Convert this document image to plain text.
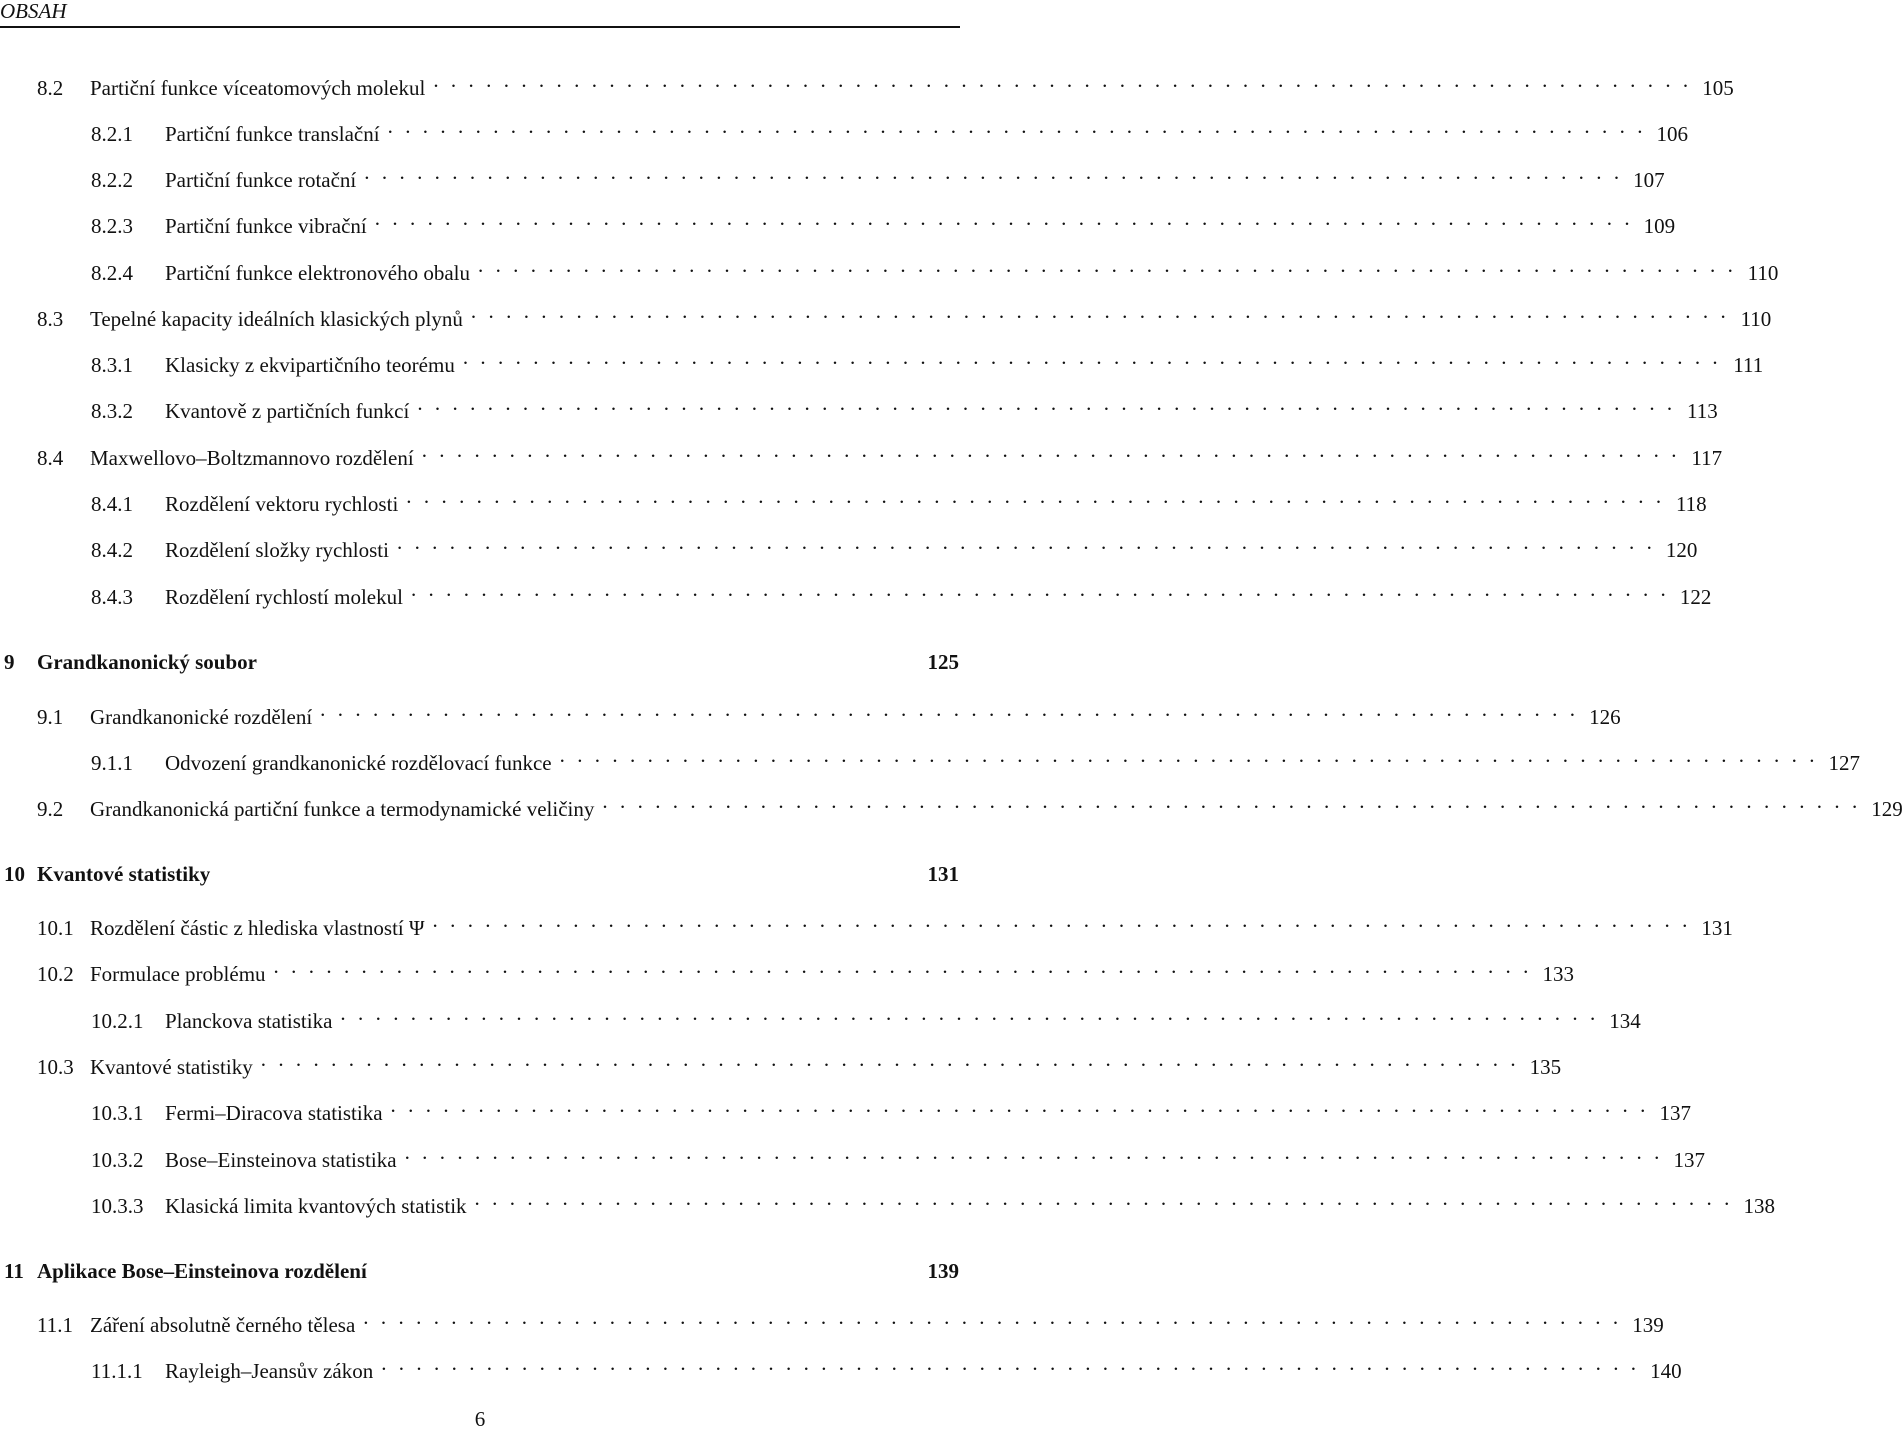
OBSAH
8.2	Partiční funkce víceatomových molekul . . .	105
8.2.1	Partiční funkce translační . . .	106
8.2.2	Partiční funkce rotační . . .	107
8.2.3	Partiční funkce vibrační . . .	109
8.2.4	Partiční funkce elektronového obalu . . .	110
8.3	Tepelné kapacity ideálních klasických plynů . . .	110
8.3.1	Klasicky z ekvipartičního teorému . . .	111
8.3.2	Kvantově z partičních funkcí . . .	113
8.4	Maxwellovo–Boltzmannovo rozdělení . . .	117
8.4.1	Rozdělení vektoru rychlosti . . .	118
8.4.2	Rozdělení složky rychlosti . . .	120
8.4.3	Rozdělení rychlostí molekul . . .	122
9	Grandkanonický soubor	125
9.1	Grandkanonické rozdělení . . .	126
9.1.1	Odvození grandkanonické rozdělovací funkce . . .	127
9.2	Grandkanonická partiční funkce a termodynamické veličiny . . .	129
10 Kvantové statistiky	131
10.1 Rozdělení částic z hlediska vlastností Ψ . . .	131
10.2 Formulace problému . . .	133
10.2.1	Planckova statistika . . .	134
10.3 Kvantové statistiky . . .	135
10.3.1	Fermi–Diracova statistika . . .	137
10.3.2	Bose–Einsteinova statistika . . .	137
10.3.3	Klasická limita kvantových statistik . . .	138
11 Aplikace Bose–Einsteinova rozdělení	139
11.1 Záření absolutně černého tělesa . . .	139
11.1.1	Rayleigh–Jeansův zákon . . .	140
6
